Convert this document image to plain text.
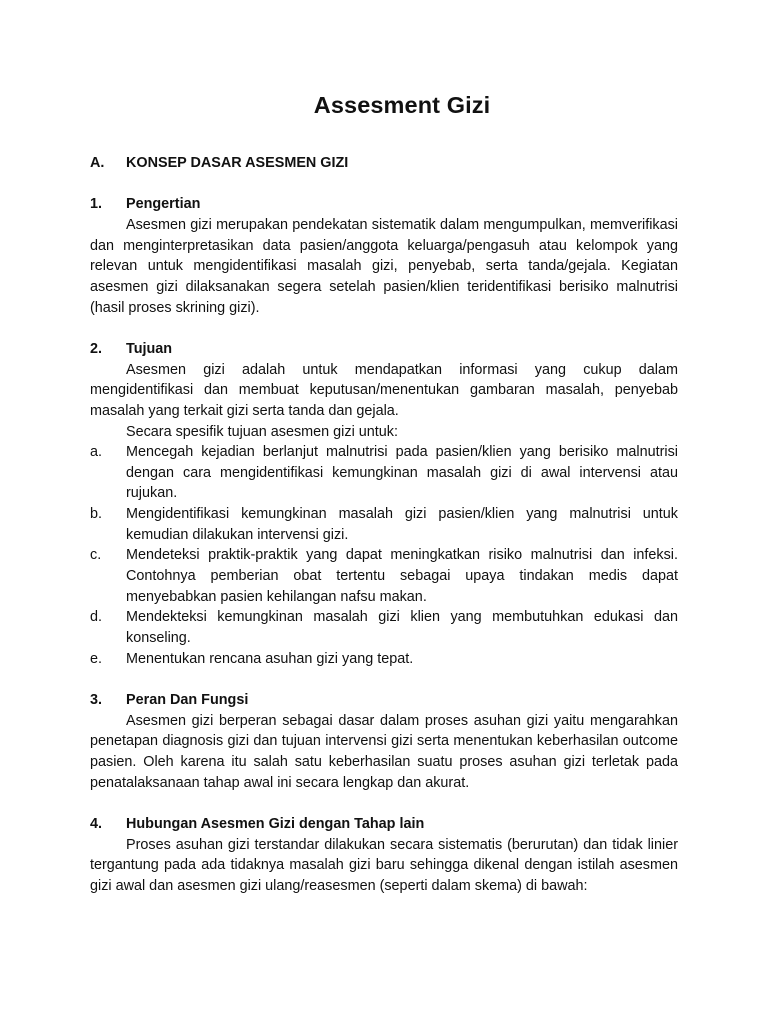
Assesment Gizi
A.	KONSEP DASAR ASESMEN GIZI
1.	Pengertian

Asesmen gizi merupakan pendekatan sistematik dalam mengumpulkan, memverifikasi dan menginterpretasikan data pasien/anggota keluarga/pengasuh atau kelompok yang relevan untuk mengidentifikasi masalah gizi, penyebab, serta tanda/gejala. Kegiatan asesmen gizi dilaksanakan segera setelah pasien/klien teridentifikasi berisiko malnutrisi (hasil proses skrining gizi).

2.	Tujuan

Asesmen gizi adalah untuk mendapatkan informasi yang cukup dalam mengidentifikasi dan membuat keputusan/menentukan gambaran masalah, penyebab masalah yang terkait gizi serta tanda dan gejala.

Secara spesifik tujuan asesmen gizi untuk:

a.	Mencegah kejadian berlanjut malnutrisi pada pasien/klien yang berisiko malnutrisi dengan cara mengidentifikasi kemungkinan masalah gizi di awal intervensi atau rujukan.
b.	Mengidentifikasi kemungkinan masalah gizi pasien/klien yang malnutrisi untuk kemudian dilakukan intervensi gizi.
c.	Mendeteksi praktik-praktik yang dapat meningkatkan risiko malnutrisi dan infeksi. Contohnya pemberian obat tertentu sebagai upaya tindakan medis dapat menyebabkan pasien kehilangan nafsu makan.
d.	Mendekteksi kemungkinan masalah gizi klien yang membutuhkan edukasi dan konseling.
e.	Menentukan rencana asuhan gizi yang tepat.
3.	Peran Dan Fungsi

Asesmen gizi berperan sebagai dasar dalam proses asuhan gizi yaitu mengarahkan penetapan diagnosis gizi dan tujuan intervensi gizi serta menentukan keberhasilan outcome pasien. Oleh karena itu salah satu keberhasilan suatu proses asuhan gizi terletak pada penatalaksanaan tahap awal ini secara lengkap dan akurat.

4.	Hubungan Asesmen Gizi dengan Tahap lain

Proses asuhan gizi terstandar dilakukan secara sistematis (berurutan) dan tidak linier tergantung pada ada tidaknya masalah gizi baru sehingga dikenal dengan istilah asesmen gizi awal dan asesmen gizi ulang/reasesmen (seperti dalam skema) di bawah:
